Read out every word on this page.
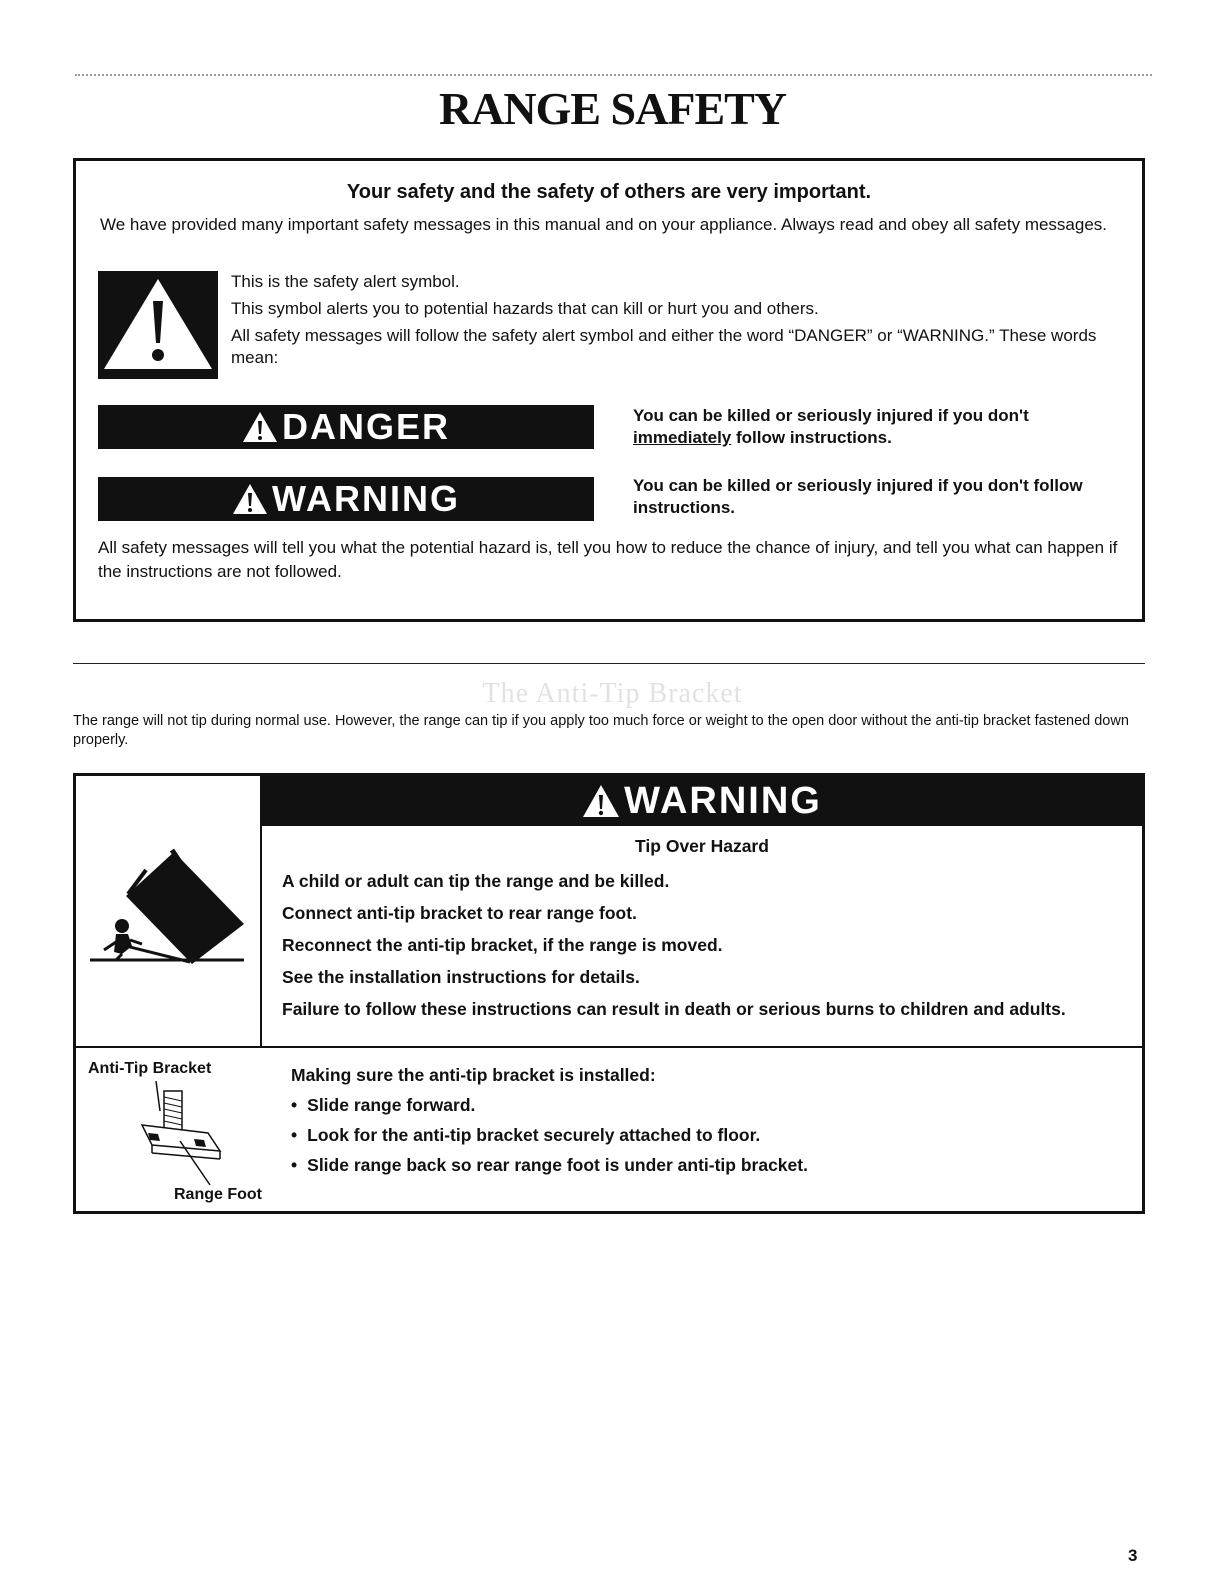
RANGE SAFETY
Your safety and the safety of others are very important.
We have provided many important safety messages in this manual and on your appliance. Always read and obey all safety messages.

This is the safety alert symbol.

This symbol alerts you to potential hazards that can kill or hurt you and others.

All safety messages will follow the safety alert symbol and either the word “DANGER” or “WARNING.” These words mean:

DANGER	You can be killed or seriously injured if you don't
immediately follow instructions.
WARNING	You can be killed or seriously injured if you don't follow instructions.
All safety messages will tell you what the potential hazard is, tell you how to reduce the chance of injury, and tell you what can happen if the instructions are not followed.
The Anti-Tip Bracket
The range will not tip during normal use. However, the range can tip if you apply too much force or weight to the open door without the anti-tip bracket fastened down properly.
WARNING
Tip Over Hazard

A child or adult can tip the range and be killed.

Connect anti-tip bracket to rear range foot.

Reconnect the anti-tip bracket, if the range is moved.

See the installation instructions for details.

Failure to follow these instructions can result in death or serious burns to children and adults.

Anti-Tip Bracket
Range Foot

Making sure the anti-tip bracket is installed:

• Slide range forward.
• Look for the anti-tip bracket securely attached to floor.
• Slide range back so rear range foot is under anti-tip bracket.
3
